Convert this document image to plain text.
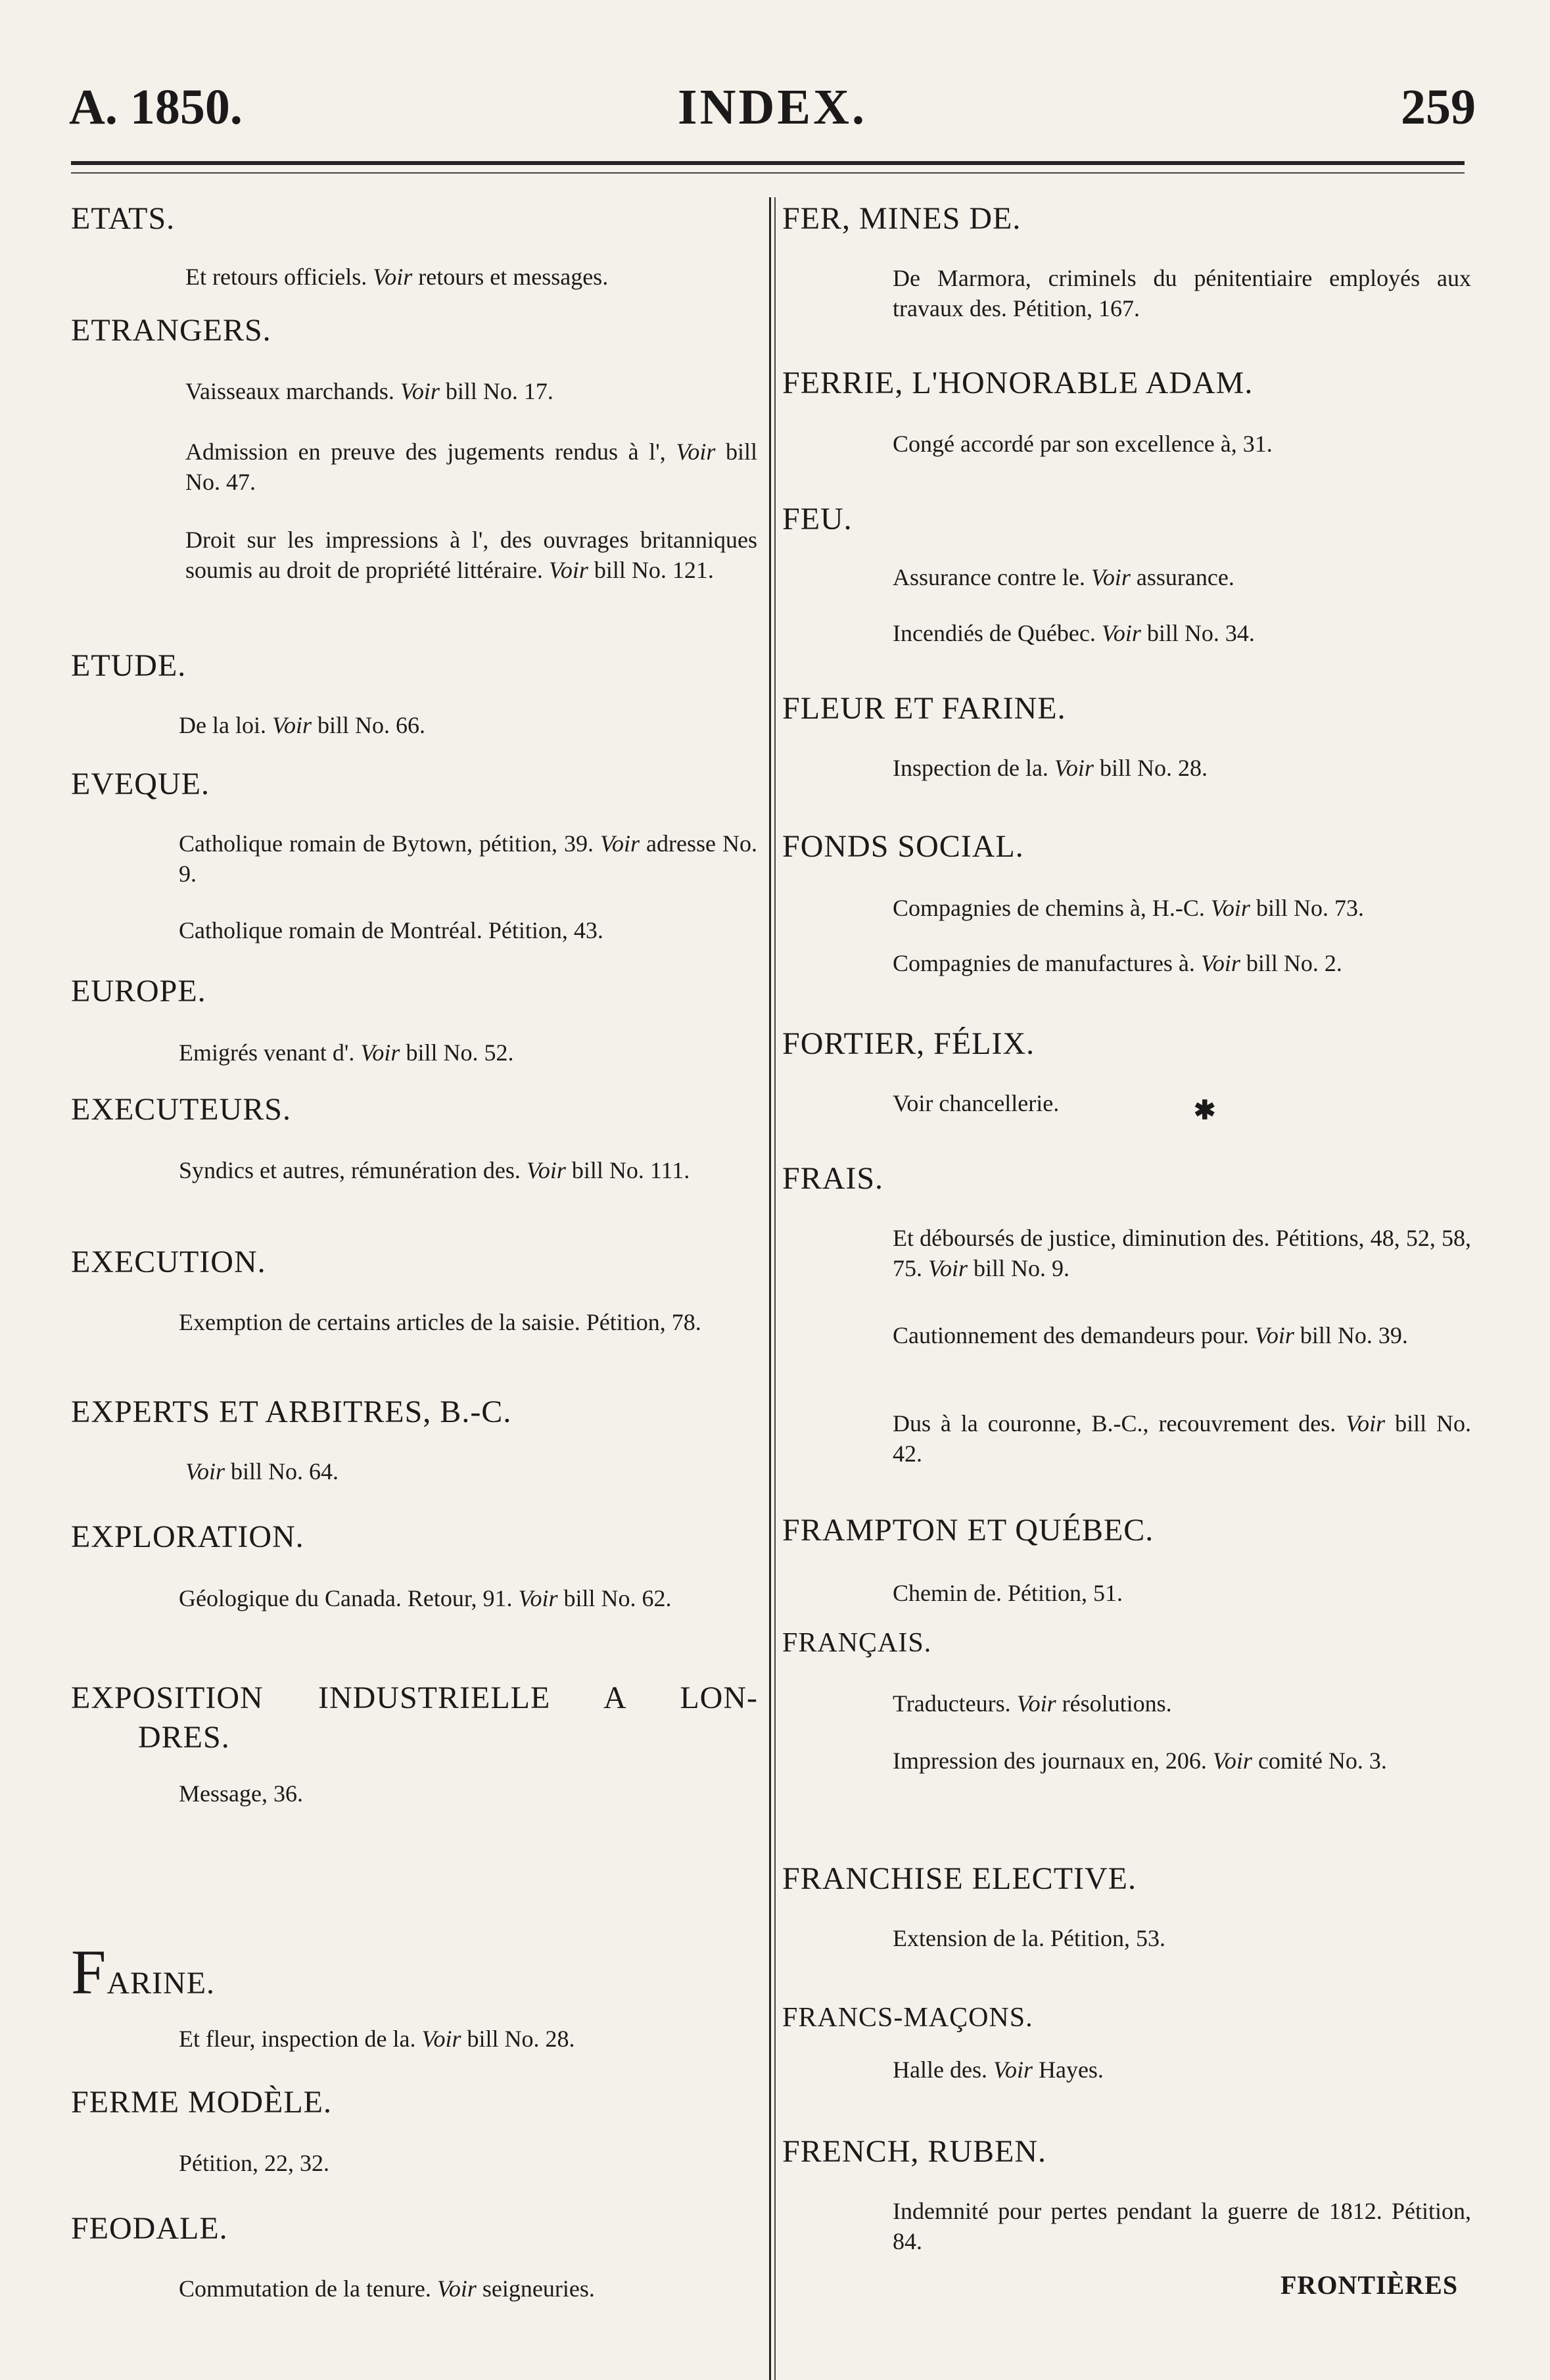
A. 1850.	INDEX.	259
ETATS.
Et retours officiels. Voir retours et messages.
ETRANGERS.
Vaisseaux marchands. Voir bill No. 17.
Admission en preuve des jugements rendus à l', Voir bill No. 47.
Droit sur les impressions à l', des ouvrages britanniques soumis au droit de propriété littéraire. Voir bill No. 121.
ETUDE.
De la loi. Voir bill No. 66.
EVEQUE.
Catholique romain de Bytown, pétition, 39. Voir adresse No. 9.
Catholique romain de Montréal. Pétition, 43.
EUROPE.
Emigrés venant d'. Voir bill No. 52.
EXECUTEURS.
Syndics et autres, rémunération des. Voir bill No. 111.
EXECUTION.
Exemption de certains articles de la saisie. Pétition, 78.
EXPERTS ET ARBITRES, B.-C.
Voir bill No. 64.
EXPLORATION.
Géologique du Canada. Retour, 91. Voir bill No. 62.
EXPOSITION INDUSTRIELLE A LON-
DRES.
Message, 36.
FARINE.
Et fleur, inspection de la. Voir bill No. 28.
FERME MODÈLE.
Pétition, 22, 32.
FEODALE.
Commutation de la tenure. Voir seigneuries.
FER, MINES DE.
De Marmora, criminels du pénitentiaire employés aux travaux des. Pétition, 167.
FERRIE, L'HONORABLE ADAM.
Congé accordé par son excellence à, 31.
FEU.
Assurance contre le. Voir assurance.
Incendiés de Québec. Voir bill No. 34.
FLEUR ET FARINE.
Inspection de la. Voir bill No. 28.
FONDS SOCIAL.
Compagnies de chemins à, H.-C. Voir bill No. 73.
Compagnies de manufactures à. Voir bill No. 2.
FORTIER, FÉLIX.
Voir chancellerie.	✱
FRAIS.
Et déboursés de justice, diminution des. Pétitions, 48, 52, 58, 75. Voir bill No. 9.
Cautionnement des demandeurs pour. Voir bill No. 39.
Dus à la couronne, B.-C., recouvrement des. Voir bill No. 42.
FRAMPTON ET QUÉBEC.
Chemin de. Pétition, 51.
FRANÇAIS.
Traducteurs. Voir résolutions.
Impression des journaux en, 206. Voir comité No. 3.
FRANCHISE ELECTIVE.
Extension de la. Pétition, 53.
FRANCS-MAÇONS.
Halle des. Voir Hayes.
FRENCH, RUBEN.
Indemnité pour pertes pendant la guerre de 1812. Pétition, 84.
FRONTIÈRES
